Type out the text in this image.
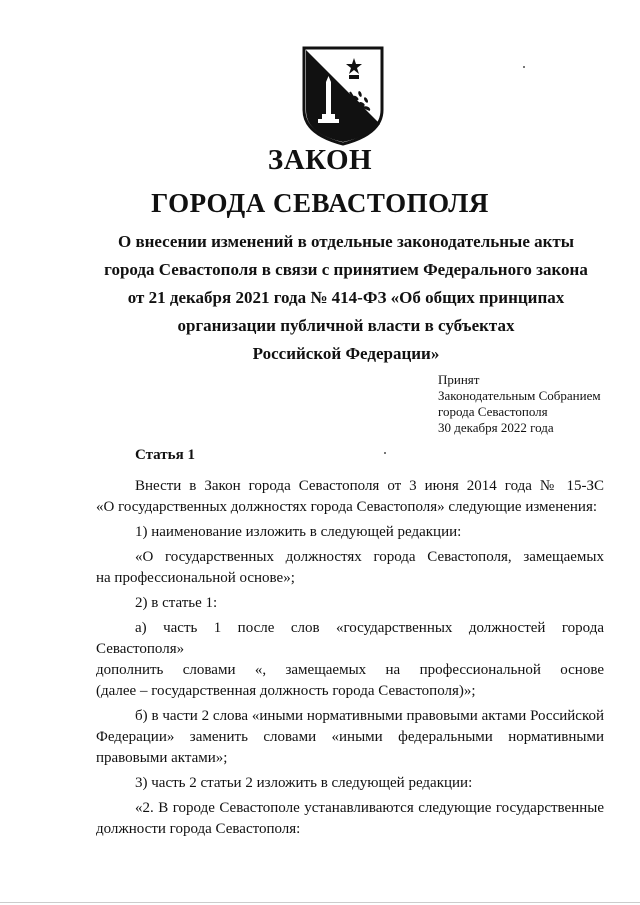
ЗАКОН
ГОРОДА СЕВАСТОПОЛЯ
О внесении изменений в отдельные законодательные акты
города Севастополя в связи с принятием Федерального закона
от 21 декабря 2021 года № 414-ФЗ «Об общих принципах
организации публичной власти в субъектах
Российской Федерации»
Принят
Законодательным Собранием
города Севастополя
30 декабря 2022 года
Статья 1
Внести в Закон города Севастополя от 3 июня 2014 года № 15-ЗС
«О государственных должностях города Севастополя» следующие изменения:
1) наименование изложить в следующей редакции:
«О государственных должностях города Севастополя, замещаемых
на профессиональной основе»;
2) в статье 1:
а) часть 1 после слов «государственных должностей города Севастополя»
дополнить словами «, замещаемых на профессиональной основе
(далее – государственная должность города Севастополя)»;
б) в части 2 слова «иными нормативными правовыми актами Российской
Федерации» заменить словами «иными федеральными нормативными
правовыми актами»;
3) часть 2 статьи 2 изложить в следующей редакции:
«2. В городе Севастополе устанавливаются следующие государственные
должности города Севастополя:
